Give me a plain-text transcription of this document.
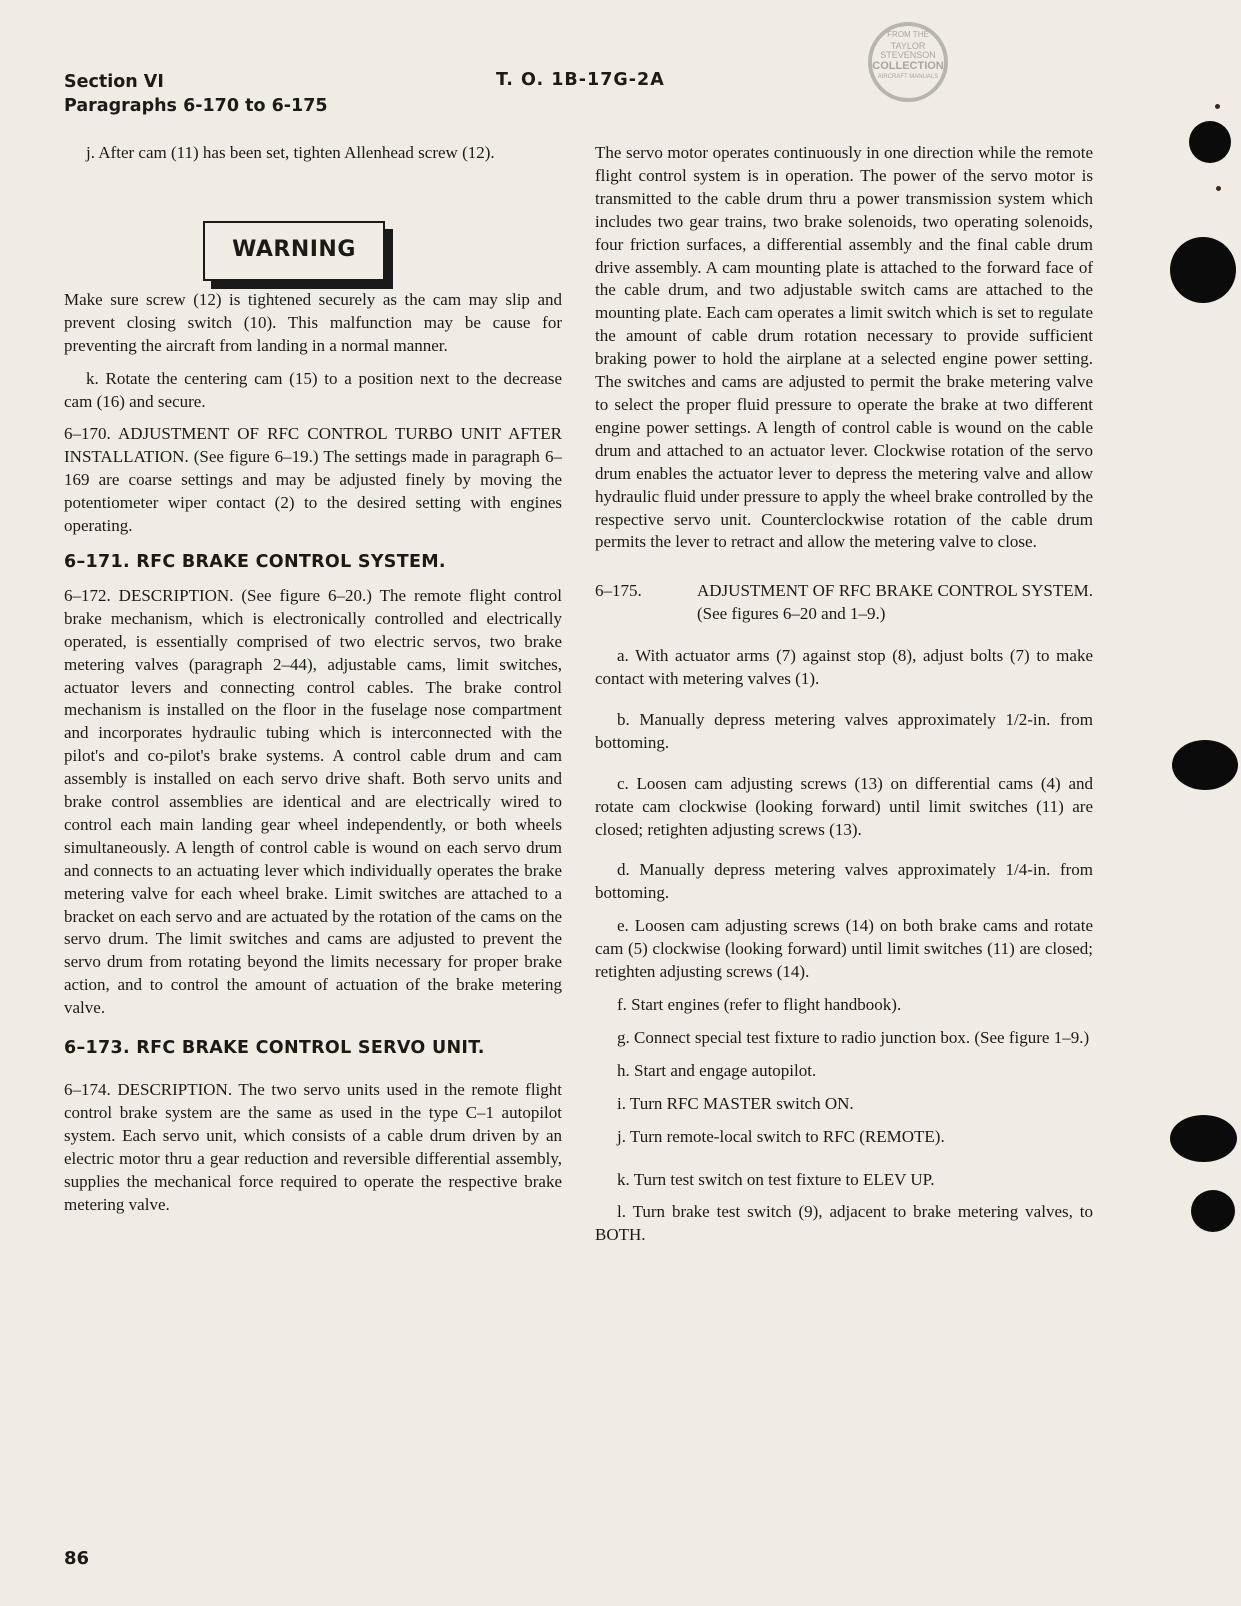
Section VI
Paragraphs 6-170 to 6-175
T. O. 1B-17G-2A
FROM THE
TAYLOR
STEVENSON
COLLECTION
AIRCRAFT MANUALS

j. After cam (11) has been set, tighten Allenhead screw (12).

WARNING

Make sure screw (12) is tightened securely as the cam may slip and prevent closing switch (10). This malfunction may be cause for preventing the aircraft from landing in a normal manner.

k. Rotate the centering cam (15) to a position next to the decrease cam (16) and secure.

6–170. ADJUSTMENT OF RFC CONTROL TURBO UNIT AFTER INSTALLATION. (See figure 6–19.) The settings made in paragraph 6–169 are coarse settings and may be adjusted finely by moving the potentiometer wiper contact (2) to the desired setting with engines operating.

6–171. RFC BRAKE CONTROL SYSTEM.

6–172. DESCRIPTION. (See figure 6–20.) The remote flight control brake mechanism, which is electronically controlled and electrically operated, is essentially comprised of two electric servos, two brake metering valves (paragraph 2–44), adjustable cams, limit switches, actuator levers and connecting control cables. The brake control mechanism is installed on the floor in the fuselage nose compartment and incorporates hydraulic tubing which is interconnected with the pilot's and co-pilot's brake systems. A control cable drum and cam assembly is installed on each servo drive shaft. Both servo units and brake control assemblies are identical and are electrically wired to control each main landing gear wheel independently, or both wheels simultaneously. A length of control cable is wound on each servo drum and connects to an actuating lever which individually operates the brake metering valve for each wheel brake. Limit switches are attached to a bracket on each servo and are actuated by the rotation of the cams on the servo drum. The limit switches and cams are adjusted to prevent the servo drum from rotating beyond the limits necessary for proper brake action, and to control the amount of actuation of the brake metering valve.

6–173. RFC BRAKE CONTROL SERVO UNIT.

6–174. DESCRIPTION. The two servo units used in the remote flight control brake system are the same as used in the type C–1 autopilot system. Each servo unit, which consists of a cable drum driven by an electric motor thru a gear reduction and reversible differential assembly, supplies the mechanical force required to operate the respective brake metering valve.

The servo motor operates continuously in one direction while the remote flight control system is in operation. The power of the servo motor is transmitted to the cable drum thru a power transmission system which includes two gear trains, two brake solenoids, two operating solenoids, four friction surfaces, a differential assembly and the final cable drum drive assembly. A cam mounting plate is attached to the forward face of the cable drum, and two adjustable switch cams are attached to the mounting plate. Each cam operates a limit switch which is set to regulate the amount of cable drum rotation necessary to provide sufficient braking power to hold the airplane at a selected engine power setting. The switches and cams are adjusted to permit the brake metering valve to select the proper fluid pressure to operate the brake at two different engine power settings. A length of control cable is wound on the cable drum and attached to an actuator lever. Clockwise rotation of the servo drum enables the actuator lever to depress the metering valve and allow hydraulic fluid under pressure to apply the wheel brake controlled by the respective servo unit. Counterclockwise rotation of the cable drum permits the lever to retract and allow the metering valve to close.

6–175.	ADJUSTMENT OF RFC BRAKE CONTROL SYSTEM. (See figures 6–20 and 1–9.)

a. With actuator arms (7) against stop (8), adjust bolts (7) to make contact with metering valves (1).

b. Manually depress metering valves approximately 1/2-in. from bottoming.

c. Loosen cam adjusting screws (13) on differential cams (4) and rotate cam clockwise (looking forward) until limit switches (11) are closed; retighten adjusting screws (13).

d. Manually depress metering valves approximately 1/4-in. from bottoming.

e. Loosen cam adjusting screws (14) on both brake cams and rotate cam (5) clockwise (looking forward) until limit switches (11) are closed; retighten adjusting screws (14).

f. Start engines (refer to flight handbook).

g. Connect special test fixture to radio junction box. (See figure 1–9.)

h. Start and engage autopilot.

i. Turn RFC MASTER switch ON.

j. Turn remote-local switch to RFC (REMOTE).

k. Turn test switch on test fixture to ELEV UP.

l. Turn brake test switch (9), adjacent to brake metering valves, to BOTH.

86
